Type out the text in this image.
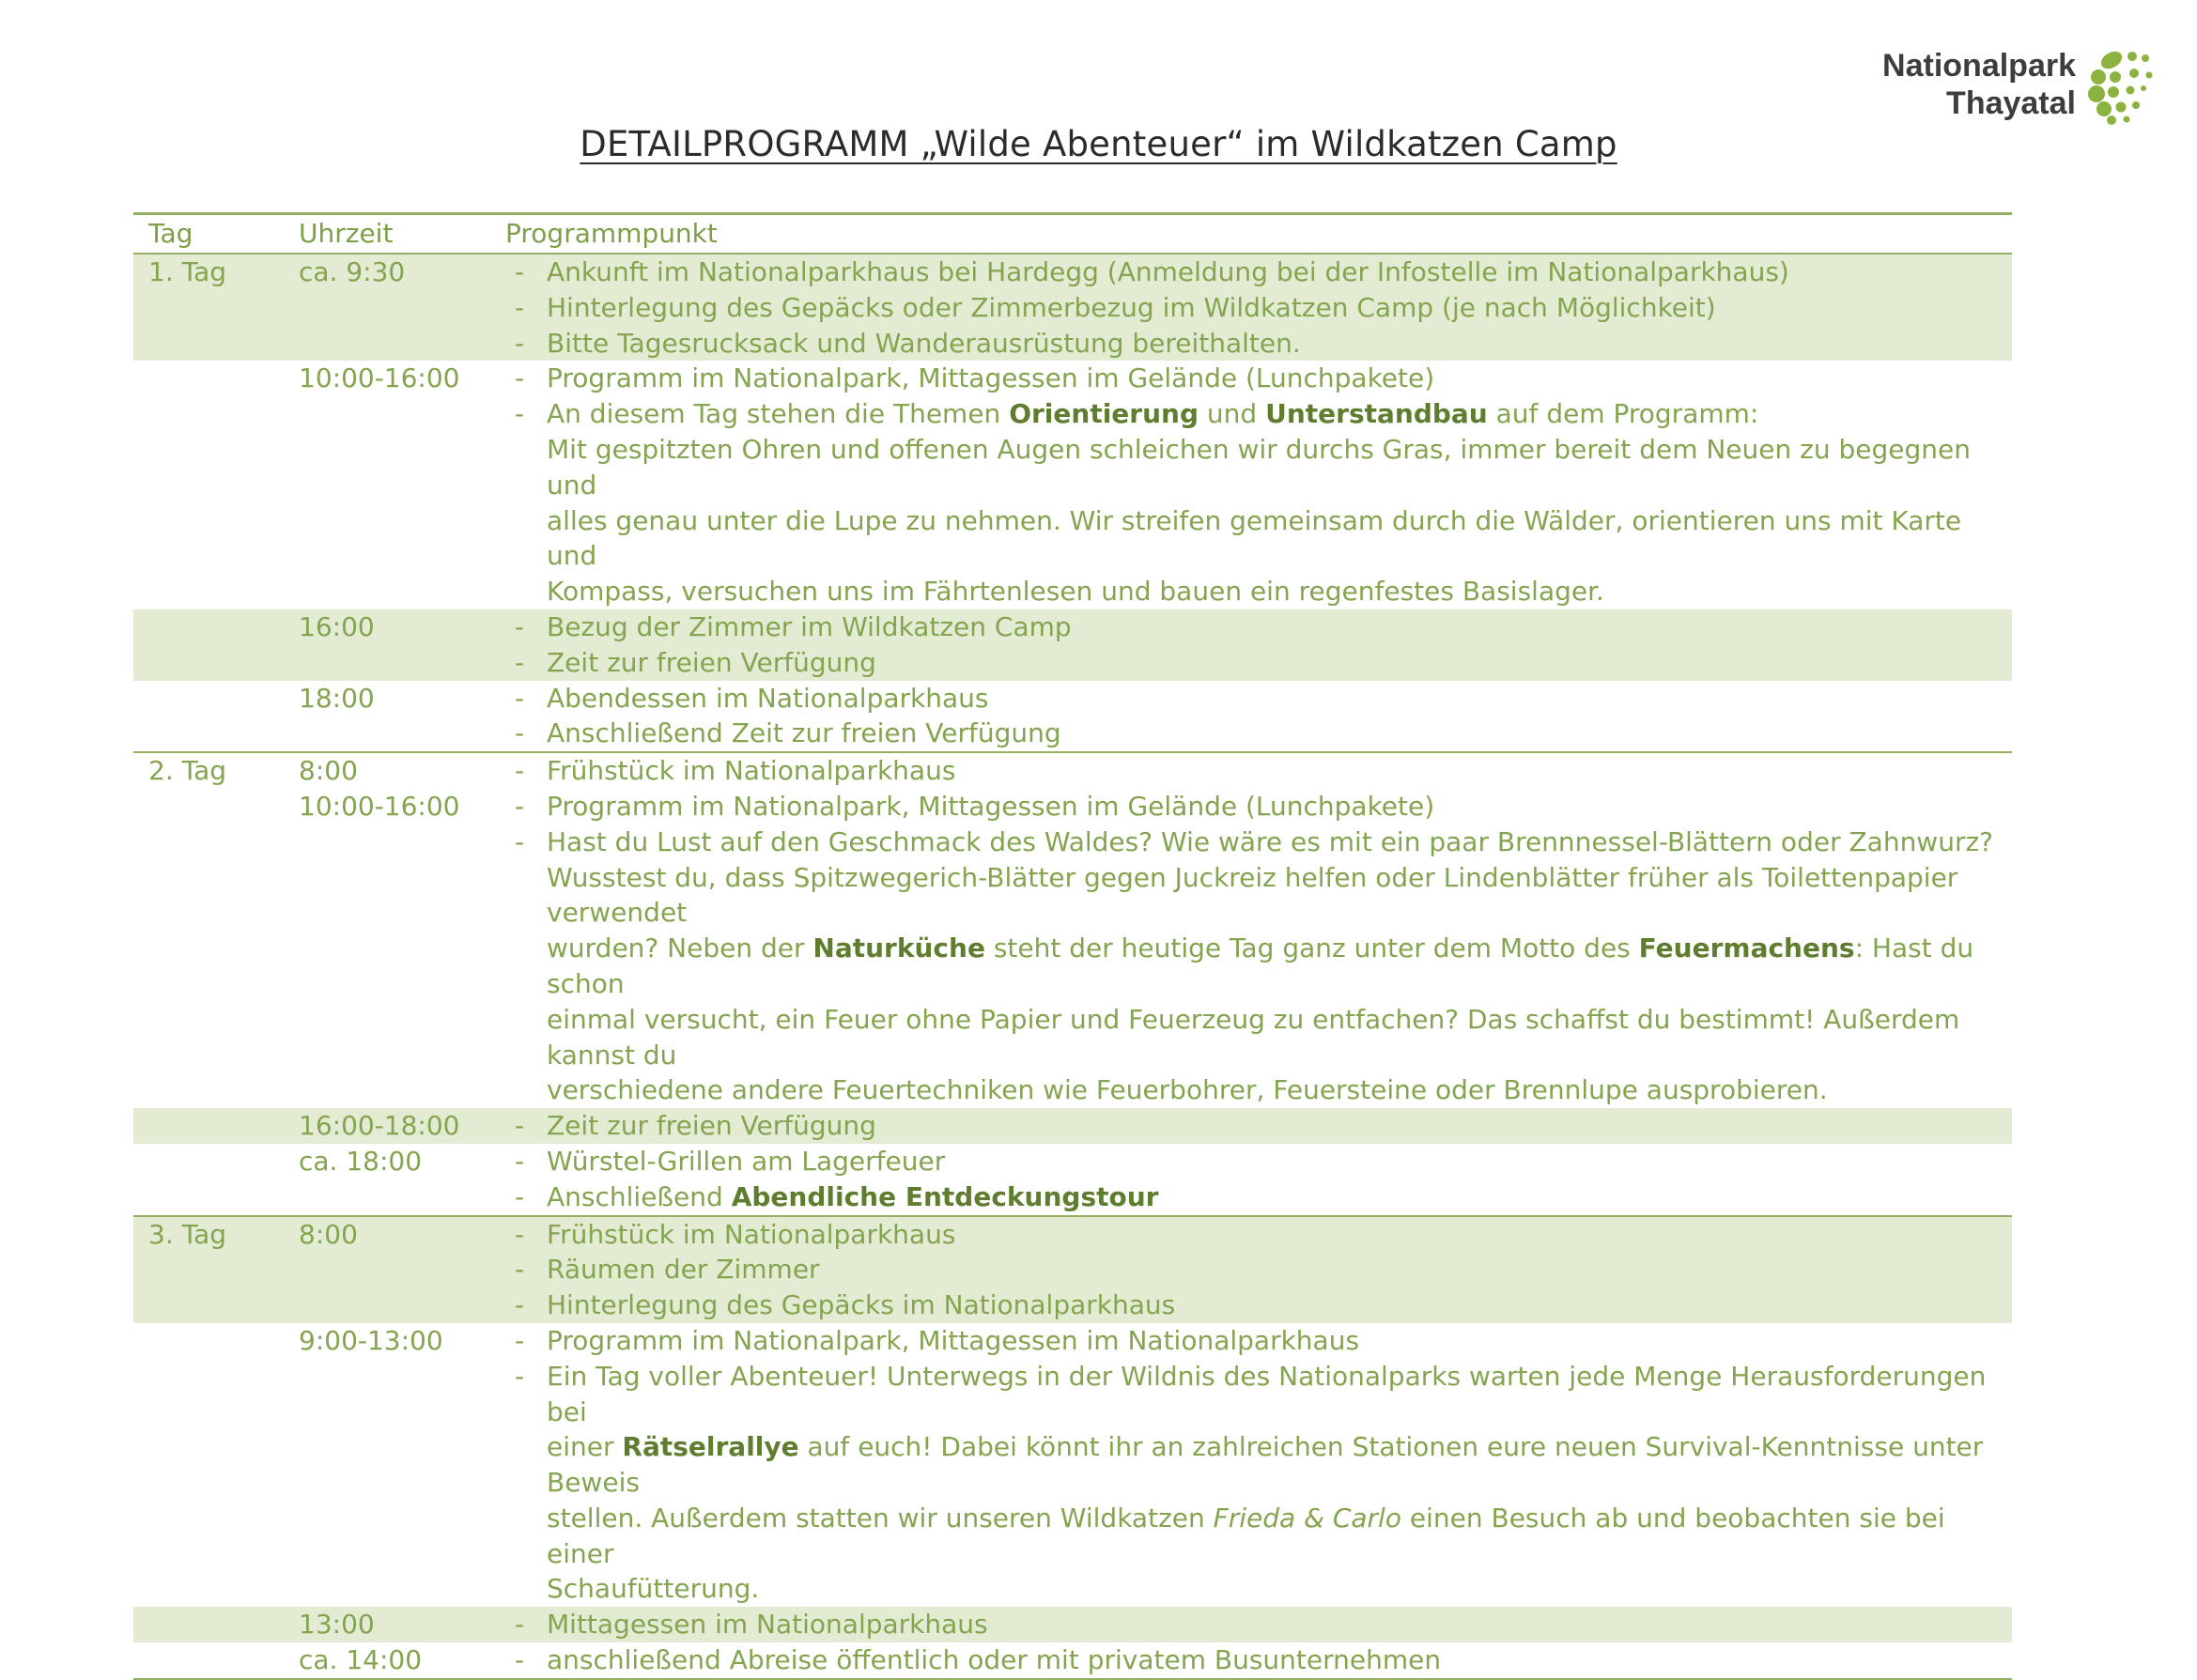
Nationalpark
Thayatal
DETAILPROGRAMM „Wilde Abenteuer“ im Wildkatzen Camp
Tag	Uhrzeit	Programmpunkt
1. Tag	ca. 9:30	- Ankunft im Nationalparkhaus bei Hardegg (Anmeldung bei der Infostelle im Nationalparkhaus)
- Hinterlegung des Gepäcks oder Zimmerbezug im Wildkatzen Camp (je nach Möglichkeit)
- Bitte Tagesrucksack und Wanderausrüstung bereithalten.
10:00-16:00	- Programm im Nationalpark, Mittagessen im Gelände (Lunchpakete)
- An diesem Tag stehen die Themen Orientierung und Unterstandbau auf dem Programm:
Mit gespitzten Ohren und offenen Augen schleichen wir durchs Gras, immer bereit dem Neuen zu begegnen und
alles genau unter die Lupe zu nehmen. Wir streifen gemeinsam durch die Wälder, orientieren uns mit Karte und
Kompass, versuchen uns im Fährtenlesen und bauen ein regenfestes Basislager.
16:00	- Bezug der Zimmer im Wildkatzen Camp
- Zeit zur freien Verfügung
18:00	- Abendessen im Nationalparkhaus
- Anschließend Zeit zur freien Verfügung
2. Tag	8:00	- Frühstück im Nationalparkhaus
10:00-16:00	- Programm im Nationalpark, Mittagessen im Gelände (Lunchpakete)
- Hast du Lust auf den Geschmack des Waldes? Wie wäre es mit ein paar Brennnessel-Blättern oder Zahnwurz?
Wusstest du, dass Spitzwegerich-Blätter gegen Juckreiz helfen oder Lindenblätter früher als Toilettenpapier verwendet
wurden? Neben der Naturküche steht der heutige Tag ganz unter dem Motto des Feuermachens: Hast du schon
einmal versucht, ein Feuer ohne Papier und Feuerzeug zu entfachen? Das schaffst du bestimmt! Außerdem kannst du
verschiedene andere Feuertechniken wie Feuerbohrer, Feuersteine oder Brennlupe ausprobieren.
16:00-18:00	- Zeit zur freien Verfügung
ca. 18:00	- Würstel-Grillen am Lagerfeuer
- Anschließend Abendliche Entdeckungstour
3. Tag	8:00	- Frühstück im Nationalparkhaus
- Räumen der Zimmer
- Hinterlegung des Gepäcks im Nationalparkhaus
9:00-13:00	- Programm im Nationalpark, Mittagessen im Nationalparkhaus
- Ein Tag voller Abenteuer! Unterwegs in der Wildnis des Nationalparks warten jede Menge Herausforderungen bei
einer Rätselrallye auf euch! Dabei könnt ihr an zahlreichen Stationen eure neuen Survival-Kenntnisse unter Beweis
stellen. Außerdem statten wir unseren Wildkatzen Frieda & Carlo einen Besuch ab und beobachten sie bei einer
Schaufütterung.
13:00	- Mittagessen im Nationalparkhaus
ca. 14:00	- anschließend Abreise öffentlich oder mit privatem Busunternehmen
